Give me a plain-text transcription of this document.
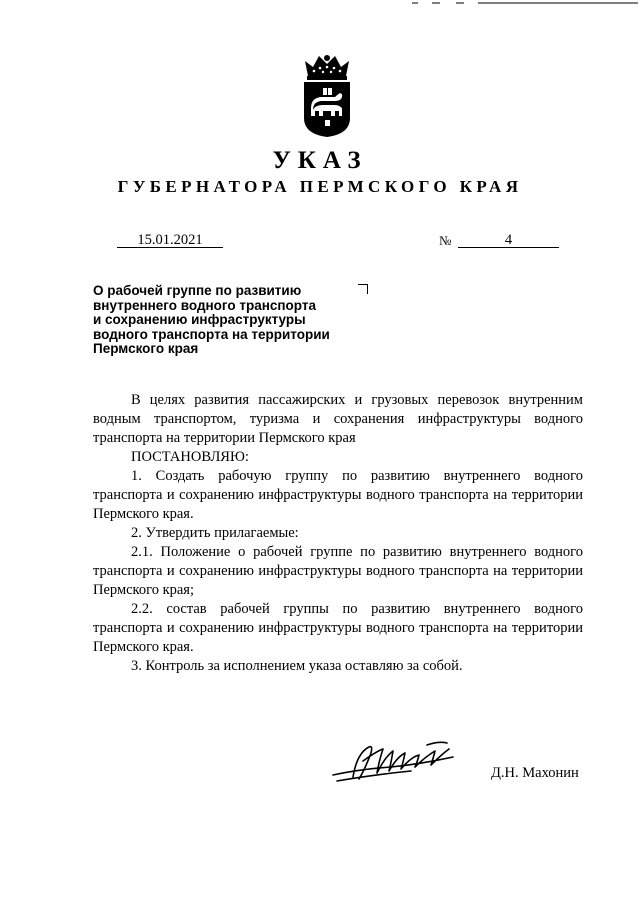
УКАЗ
ГУБЕРНАТОРА ПЕРМСКОГО КРАЯ
15.01.2021	№	4
О рабочей группе по развитию
внутреннего водного транспорта
и сохранению инфраструктуры
водного транспорта на территории
Пермского края

В целях развития пассажирских и грузовых перевозок внутренним водным транспортом, туризма и сохранения инфраструктуры водного транспорта на территории Пермского края

ПОСТАНОВЛЯЮ:

1. Создать рабочую группу по развитию внутреннего водного транспорта и сохранению инфраструктуры водного транспорта на территории Пермского края.

2. Утвердить прилагаемые:

2.1. Положение о рабочей группе по развитию внутреннего водного транспорта и сохранению инфраструктуры водного транспорта на территории Пермского края;

2.2. состав рабочей группы по развитию внутреннего водного транспорта и сохранению инфраструктуры водного транспорта на территории Пермского края.

3. Контроль за исполнением указа оставляю за собой.

Д.Н. Махонин
